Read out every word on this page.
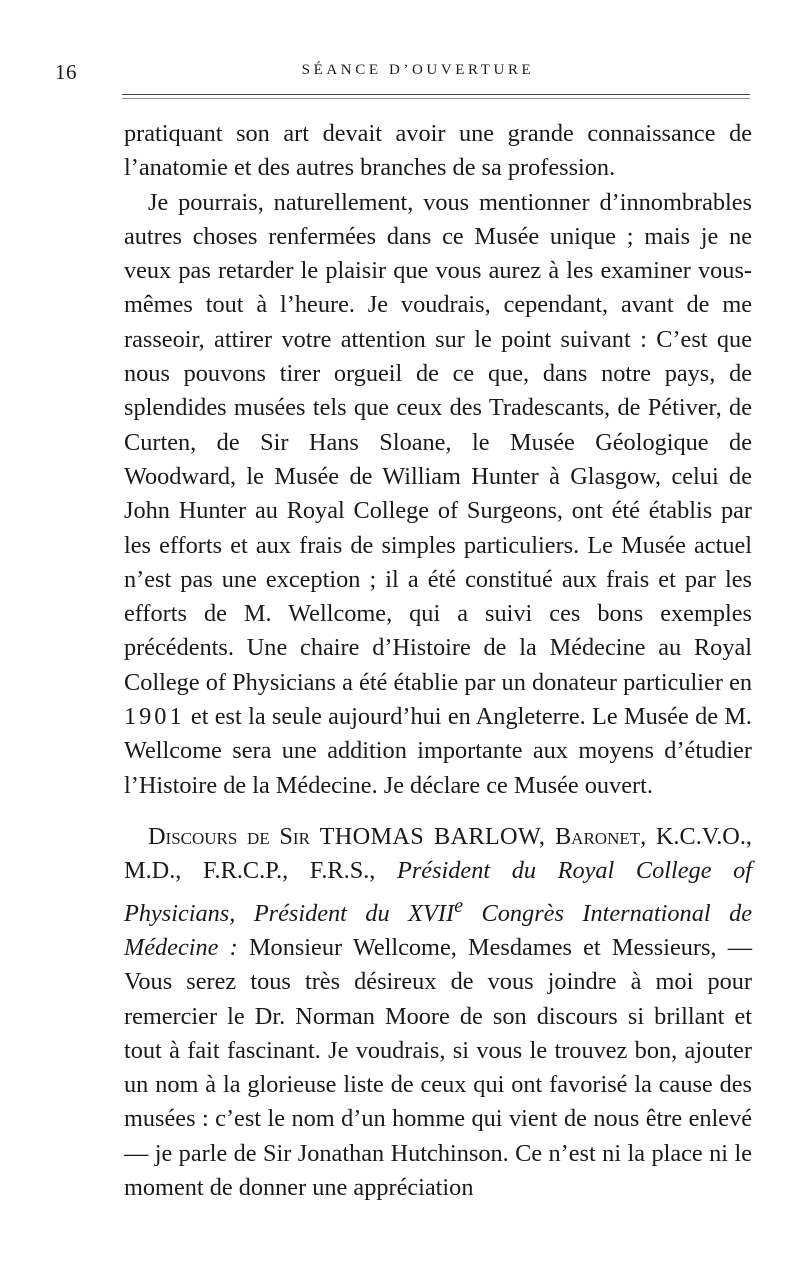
16	SÉANCE D’OUVERTURE

pratiquant son art devait avoir une grande connaissance de l’anatomie et des autres branches de sa profession.

Je pourrais, naturellement, vous mentionner d’innombrables autres choses renfermées dans ce Musée unique ; mais je ne veux pas retarder le plaisir que vous aurez à les examiner vous-mêmes tout à l’heure. Je voudrais, cependant, avant de me rasseoir, attirer votre attention sur le point suivant : C’est que nous pouvons tirer orgueil de ce que, dans notre pays, de splendides musées tels que ceux des Tradescants, de Pétiver, de Curten, de Sir Hans Sloane, le Musée Géologique de Woodward, le Musée de William Hunter à Glasgow, celui de John Hunter au Royal College of Surgeons, ont été établis par les efforts et aux frais de simples particuliers. Le Musée actuel n’est pas une exception ; il a été constitué aux frais et par les efforts de M. Wellcome, qui a suivi ces bons exemples précédents. Une chaire d’Histoire de la Médecine au Royal College of Physicians a été établie par un donateur particulier en 1901 et est la seule aujourd’hui en Angleterre. Le Musée de M. Wellcome sera une addition importante aux moyens d’étudier l’Histoire de la Médecine. Je déclare ce Musée ouvert.

Discours de Sir THOMAS BARLOW, Baronet, K.C.V.O., M.D., F.R.C.P., F.R.S., Président du Royal College of Physicians, Président du XVIIe Congrès International de Médecine : Monsieur Wellcome, Mesdames et Messieurs, — Vous serez tous très désireux de vous joindre à moi pour remercier le Dr. Norman Moore de son discours si brillant et tout à fait fascinant. Je voudrais, si vous le trouvez bon, ajouter un nom à la glorieuse liste de ceux qui ont favorisé la cause des musées : c’est le nom d’un homme qui vient de nous être enlevé — je parle de Sir Jonathan Hutchinson. Ce n’est ni la place ni le moment de donner une appréciation
